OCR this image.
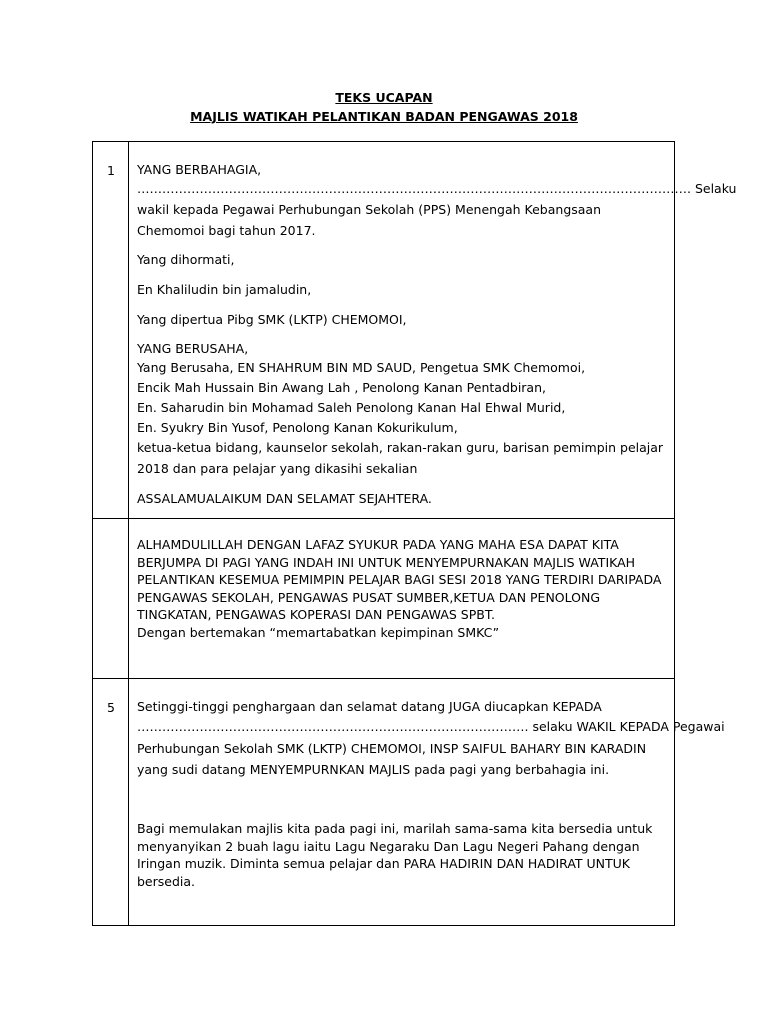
TEKS UCAPAN
MAJLIS WATIKAH PELANTIKAN BADAN PENGAWAS 2018
1	YANG BERBAHAGIA,

……………………………………………………………………………………………………………………. Selaku

wakil kepada Pegawai Perhubungan Sekolah (PPS) Menengah Kebangsaan

Chemomoi bagi tahun 2017.

Yang dihormati,

En Khaliludin bin jamaludin,

Yang dipertua Pibg SMK (LKTP) CHEMOMOI,

YANG BERUSAHA,

Yang Berusaha, EN SHAHRUM BIN MD SAUD, Pengetua SMK Chemomoi,

Encik Mah Hussain Bin Awang Lah , Penolong Kanan Pentadbiran,

En. Saharudin bin Mohamad Saleh Penolong Kanan Hal Ehwal Murid,

En. Syukry Bin Yusof, Penolong Kanan Kokurikulum,

ketua-ketua bidang, kaunselor sekolah, rakan-rakan guru, barisan pemimpin pelajar

2018 dan para pelajar yang dikasihi sekalian

ASSALAMUALAIKUM DAN SELAMAT SEJAHTERA.

ALHAMDULILLAH DENGAN LAFAZ SYUKUR PADA YANG MAHA ESA DAPAT KITA

BERJUMPA DI PAGI YANG INDAH INI UNTUK MENYEMPURNAKAN MAJLIS WATIKAH

PELANTIKAN KESEMUA PEMIMPIN PELAJAR BAGI SESI 2018 YANG TERDIRI DARIPADA

PENGAWAS SEKOLAH, PENGAWAS PUSAT SUMBER,KETUA DAN PENOLONG

TINGKATAN, PENGAWAS KOPERASI DAN PENGAWAS SPBT.

Dengan bertemakan “memartabatkan kepimpinan SMKC”

5	Setinggi-tinggi penghargaan dan selamat datang JUGA diucapkan KEPADA

…………………………………………………………………………………. selaku WAKIL KEPADA Pegawai

Perhubungan Sekolah SMK (LKTP) CHEMOMOI, INSP SAIFUL BAHARY BIN KARADIN

yang sudi datang MENYEMPURNKAN MAJLIS pada pagi yang berbahagia ini.

Bagi memulakan majlis kita pada pagi ini, marilah sama-sama kita bersedia untuk

menyanyikan 2 buah lagu iaitu Lagu Negaraku Dan Lagu Negeri Pahang dengan

Iringan muzik. Diminta semua pelajar dan PARA HADIRIN DAN HADIRAT UNTUK

bersedia.
